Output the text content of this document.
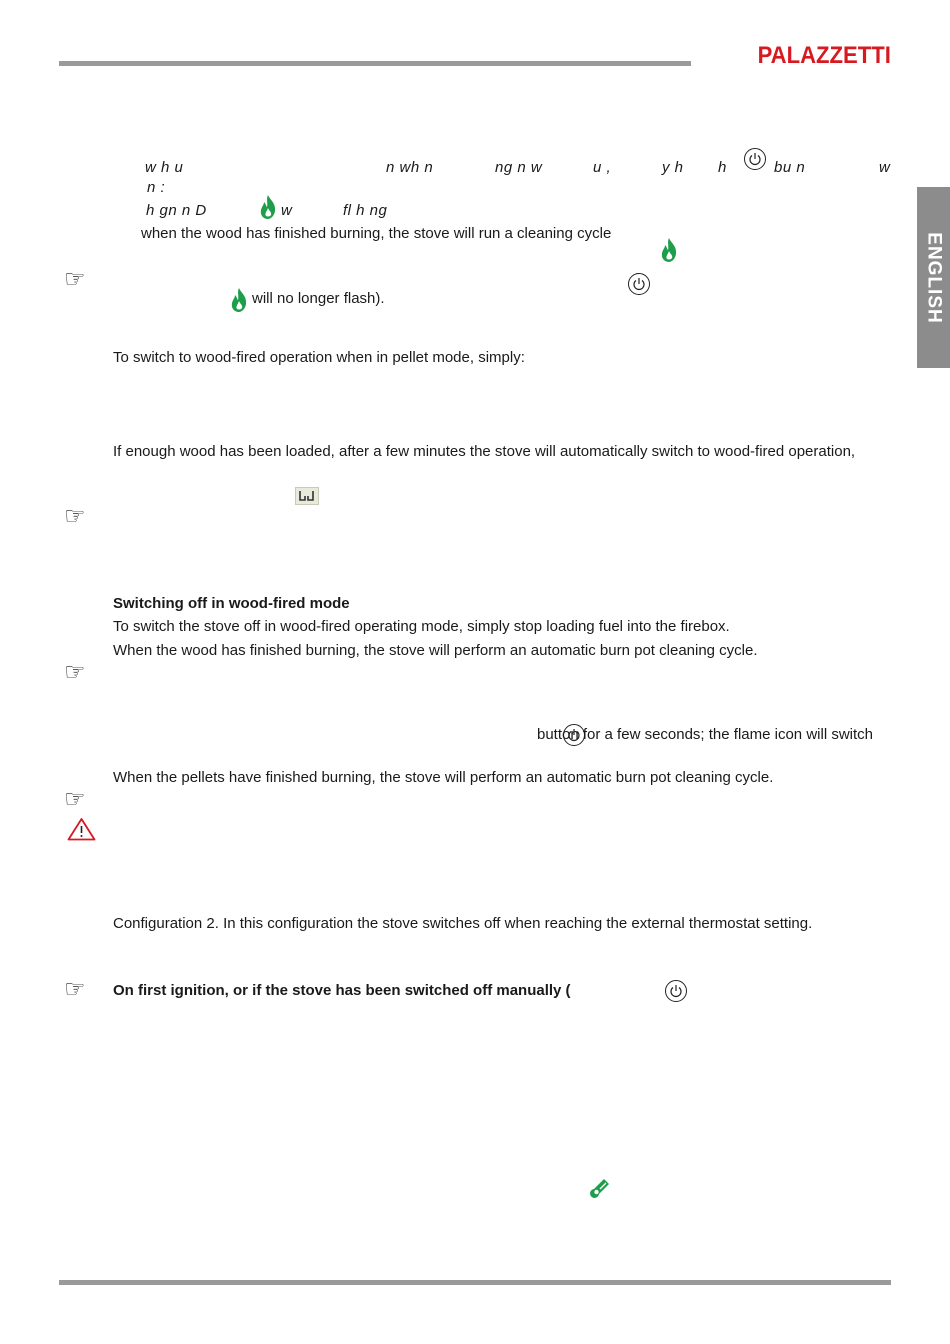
PALAZZETTI
ENGLISH
w h u	n wh n	ng n w	u ,	y h h
	bu n	w
n :
h gn n D	w	fl h ng
when the wood has finished burning, the stove will run a cleaning cycle
☞

will no longer flash).
To switch to wood-fired operation when in pellet mode, simply:
If enough wood has been loaded, after a few minutes the stove will automatically switch to wood-fired operation,
☞
Switching off in wood-fired mode
To switch the stove off in wood-fired operating mode, simply stop loading fuel into the firebox.
When the wood has finished burning, the stove will perform an automatic burn pot cleaning cycle.
☞

button for a few seconds; the flame icon will switch
When the pellets have finished burning, the stove will perform an automatic burn pot cleaning cycle.
☞
Configuration 2. In this configuration the stove switches off when reaching the external thermostat setting.
☞ On first ignition, or if the stove has been switched off manually (
